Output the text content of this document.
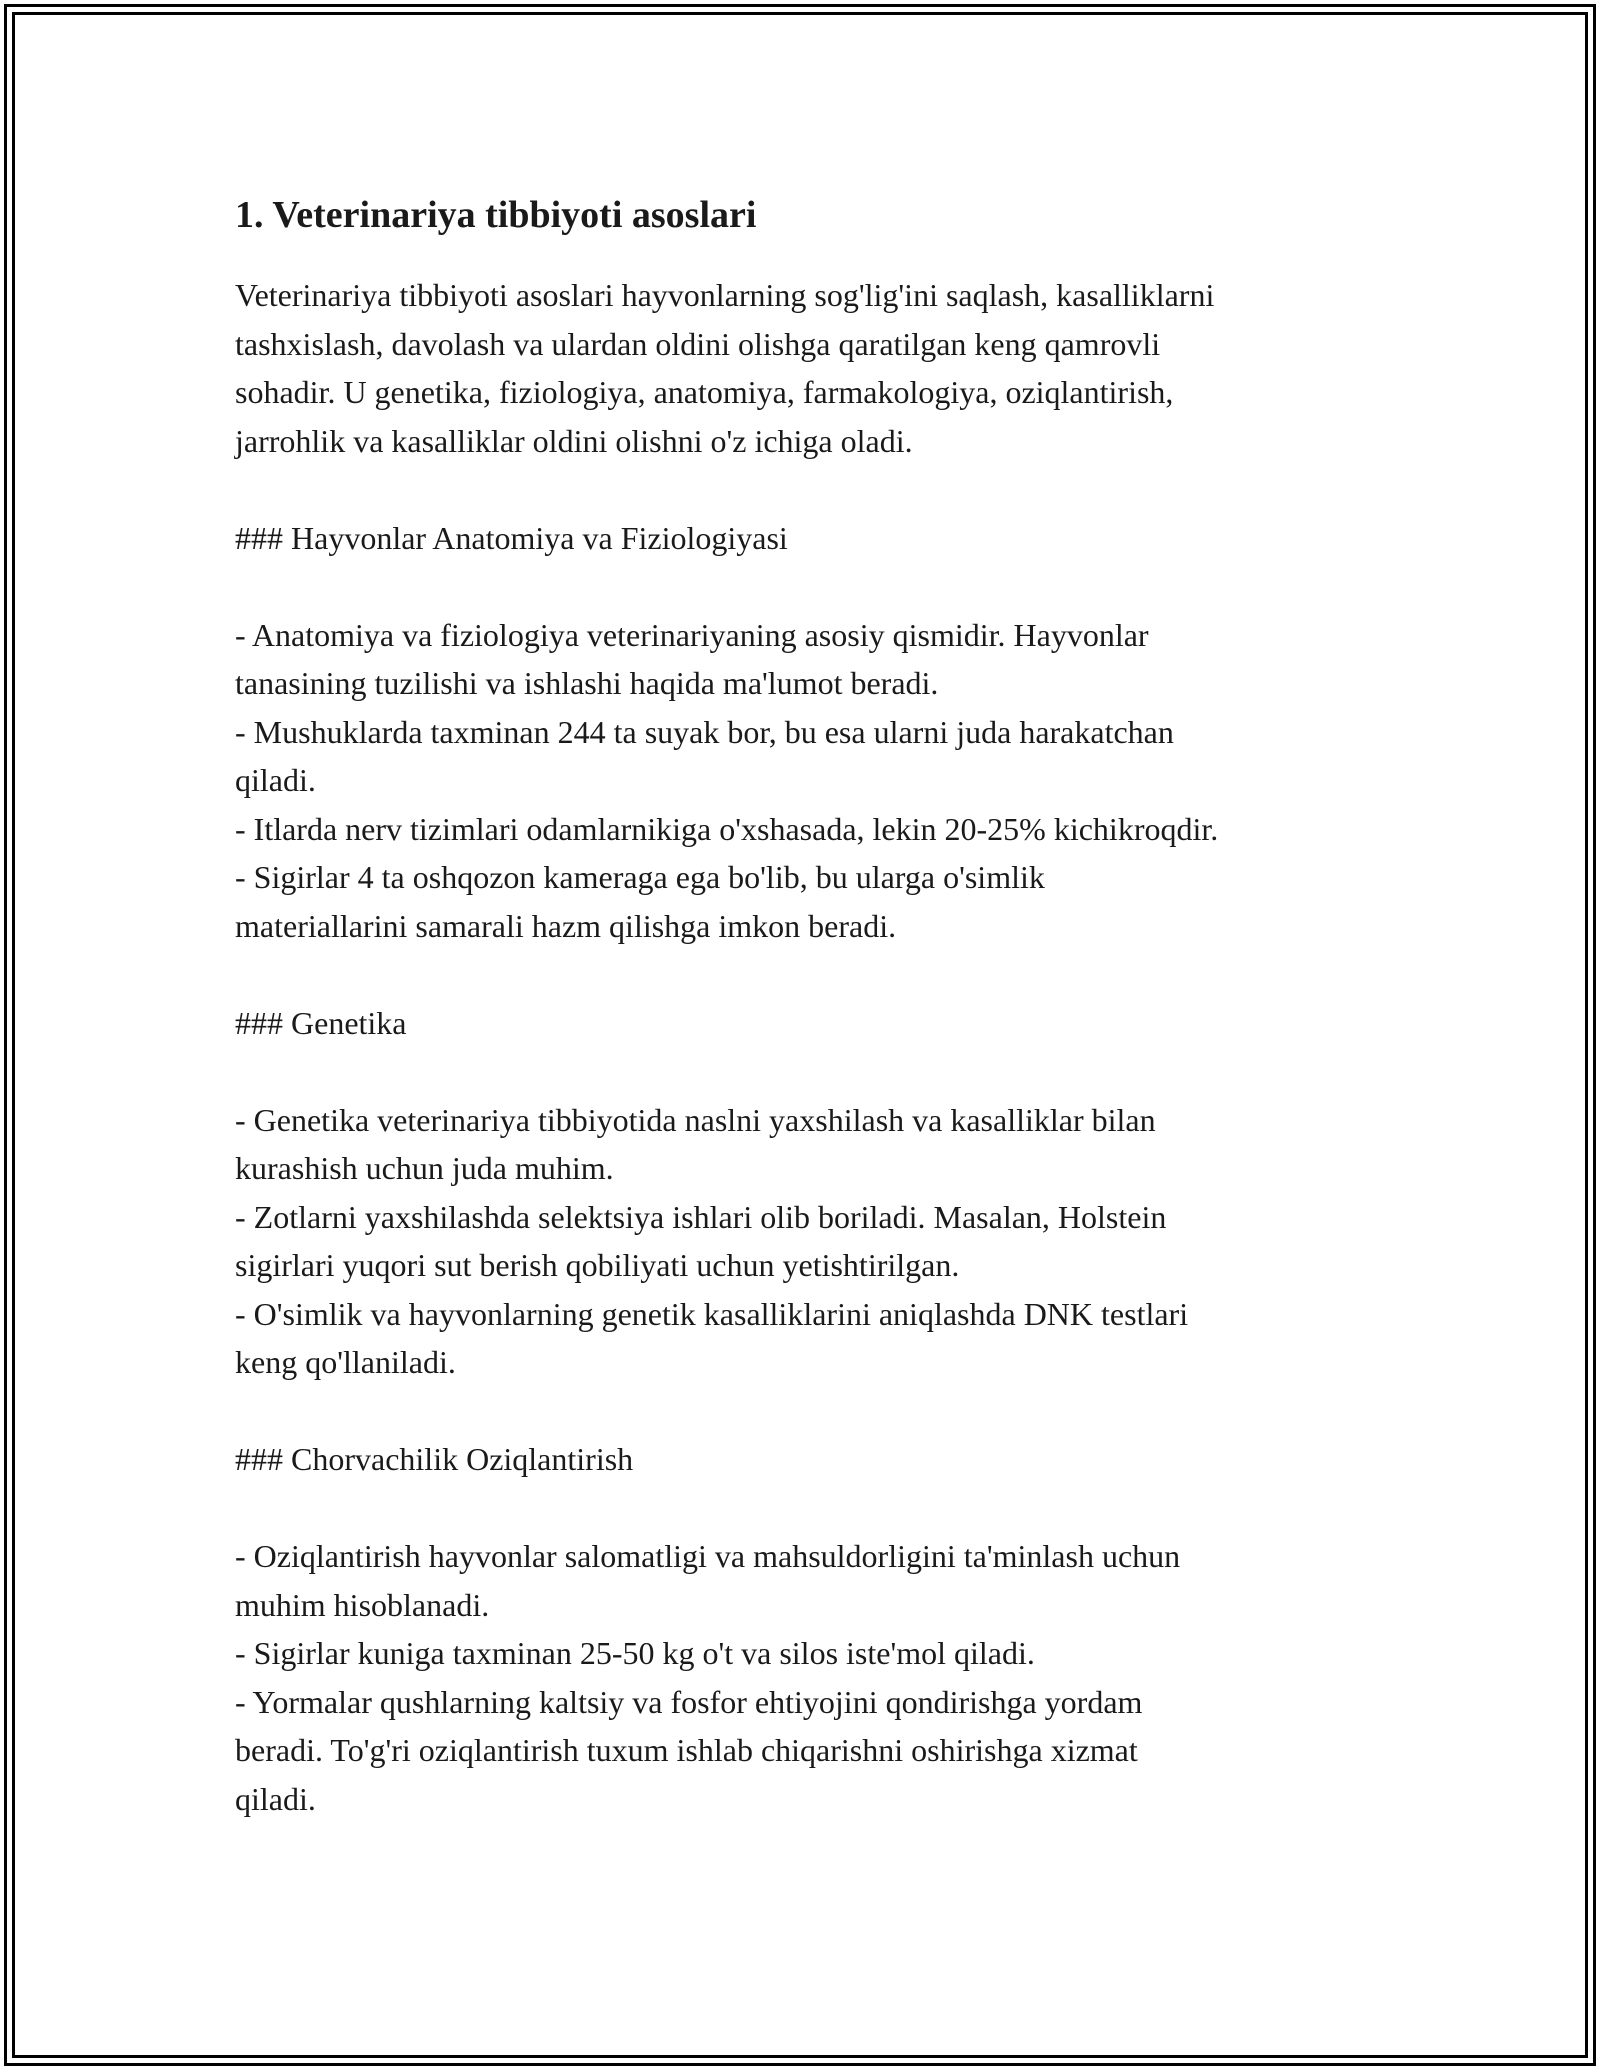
1. Veterinariya tibbiyoti asoslari
Veterinariya tibbiyoti asoslari hayvonlarning sog'lig'ini saqlash, kasalliklarni
tashxislash, davolash va ulardan oldini olishga qaratilgan keng qamrovli
sohadir. U genetika, fiziologiya, anatomiya, farmakologiya, oziqlantirish,
jarrohlik va kasalliklar oldini olishni o'z ichiga oladi.
### Hayvonlar Anatomiya va Fiziologiyasi
- Anatomiya va fiziologiya veterinariyaning asosiy qismidir. Hayvonlar
tanasining tuzilishi va ishlashi haqida ma'lumot beradi.
- Mushuklarda taxminan 244 ta suyak bor, bu esa ularni juda harakatchan
qiladi.
- Itlarda nerv tizimlari odamlarnikiga o'xshasada, lekin 20-25% kichikroqdir.
- Sigirlar 4 ta oshqozon kameraga ega bo'lib, bu ularga o'simlik
materiallarini samarali hazm qilishga imkon beradi.
### Genetika
- Genetika veterinariya tibbiyotida naslni yaxshilash va kasalliklar bilan
kurashish uchun juda muhim.
- Zotlarni yaxshilashda selektsiya ishlari olib boriladi. Masalan, Holstein
sigirlari yuqori sut berish qobiliyati uchun yetishtirilgan.
- O'simlik va hayvonlarning genetik kasalliklarini aniqlashda DNK testlari
keng qo'llaniladi.
### Chorvachilik Oziqlantirish
- Oziqlantirish hayvonlar salomatligi va mahsuldorligini ta'minlash uchun
muhim hisoblanadi.
- Sigirlar kuniga taxminan 25-50 kg o't va silos iste'mol qiladi.
- Yormalar qushlarning kaltsiy va fosfor ehtiyojini qondirishga yordam
beradi. To'g'ri oziqlantirish tuxum ishlab chiqarishni oshirishga xizmat
qiladi.
